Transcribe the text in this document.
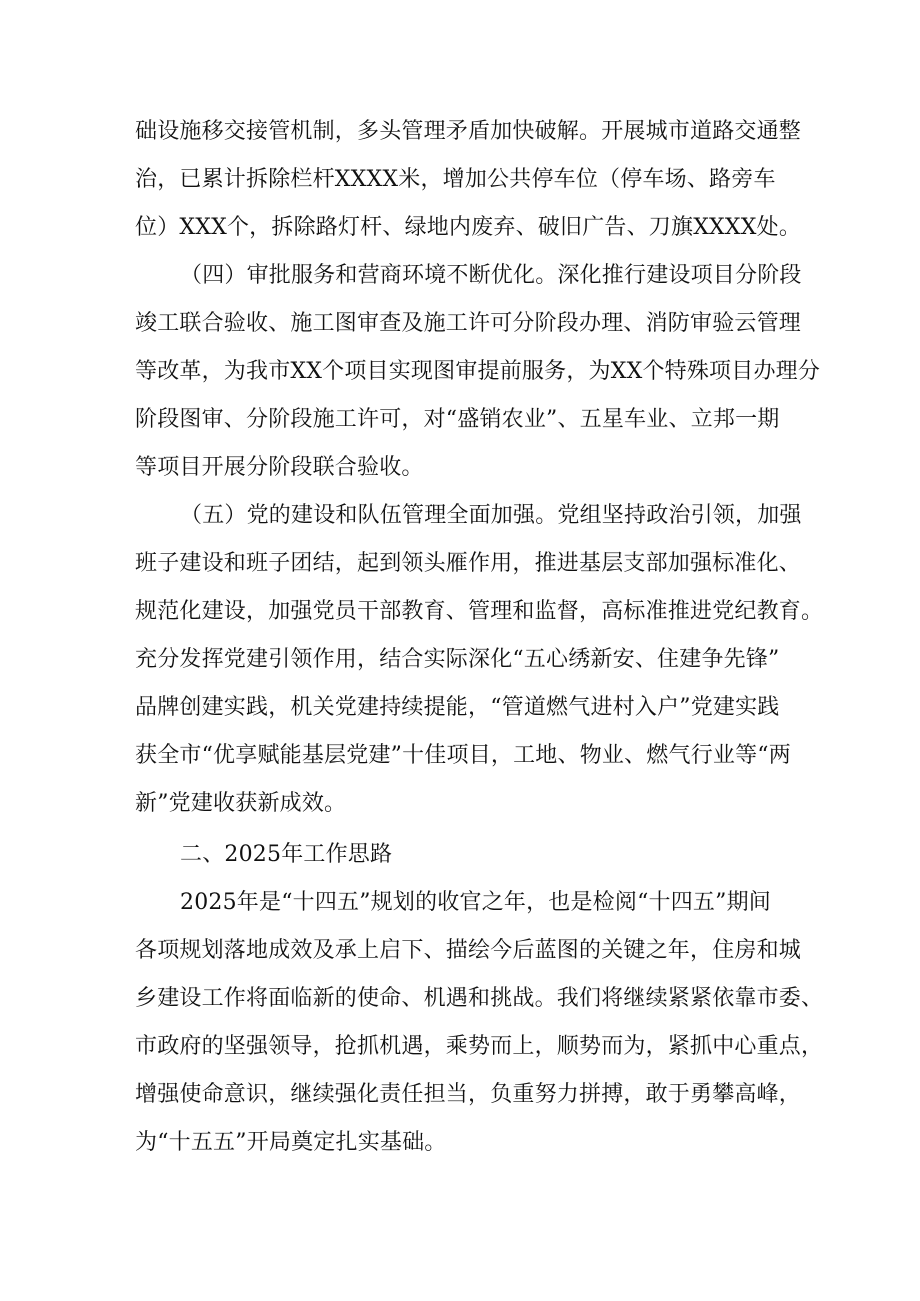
础设施移交接管机制，多头管理矛盾加快破解。开展城市道路交通整
治，已累计拆除栏杆XXXX米，增加公共停车位（停车场、路旁车
位）XXX个，拆除路灯杆、绿地内废弃、破旧广告、刀旗XXXX处。
（四）审批服务和营商环境不断优化。深化推行建设项目分阶段
竣工联合验收、施工图审查及施工许可分阶段办理、消防审验云管理
等改革，为我市XX个项目实现图审提前服务，为XX个特殊项目办理分
阶段图审、分阶段施工许可，对“盛销农业”、五星车业、立邦一期
等项目开展分阶段联合验收。
（五）党的建设和队伍管理全面加强。党组坚持政治引领，加强
班子建设和班子团结，起到领头雁作用，推进基层支部加强标准化、
规范化建设，加强党员干部教育、管理和监督，高标准推进党纪教育。
充分发挥党建引领作用，结合实际深化“五心绣新安、住建争先锋”
品牌创建实践，机关党建持续提能，“管道燃气进村入户”党建实践
获全市“优享赋能基层党建”十佳项目，工地、物业、燃气行业等“两
新”党建收获新成效。
二、2025年工作思路
2025年是“十四五”规划的收官之年，也是检阅“十四五”期间
各项规划落地成效及承上启下、描绘今后蓝图的关键之年，住房和城
乡建设工作将面临新的使命、机遇和挑战。我们将继续紧紧依靠市委、
市政府的坚强领导，抢抓机遇，乘势而上，顺势而为，紧抓中心重点，
增强使命意识，继续强化责任担当，负重努力拼搏，敢于勇攀高峰，
为“十五五”开局奠定扎实基础。
